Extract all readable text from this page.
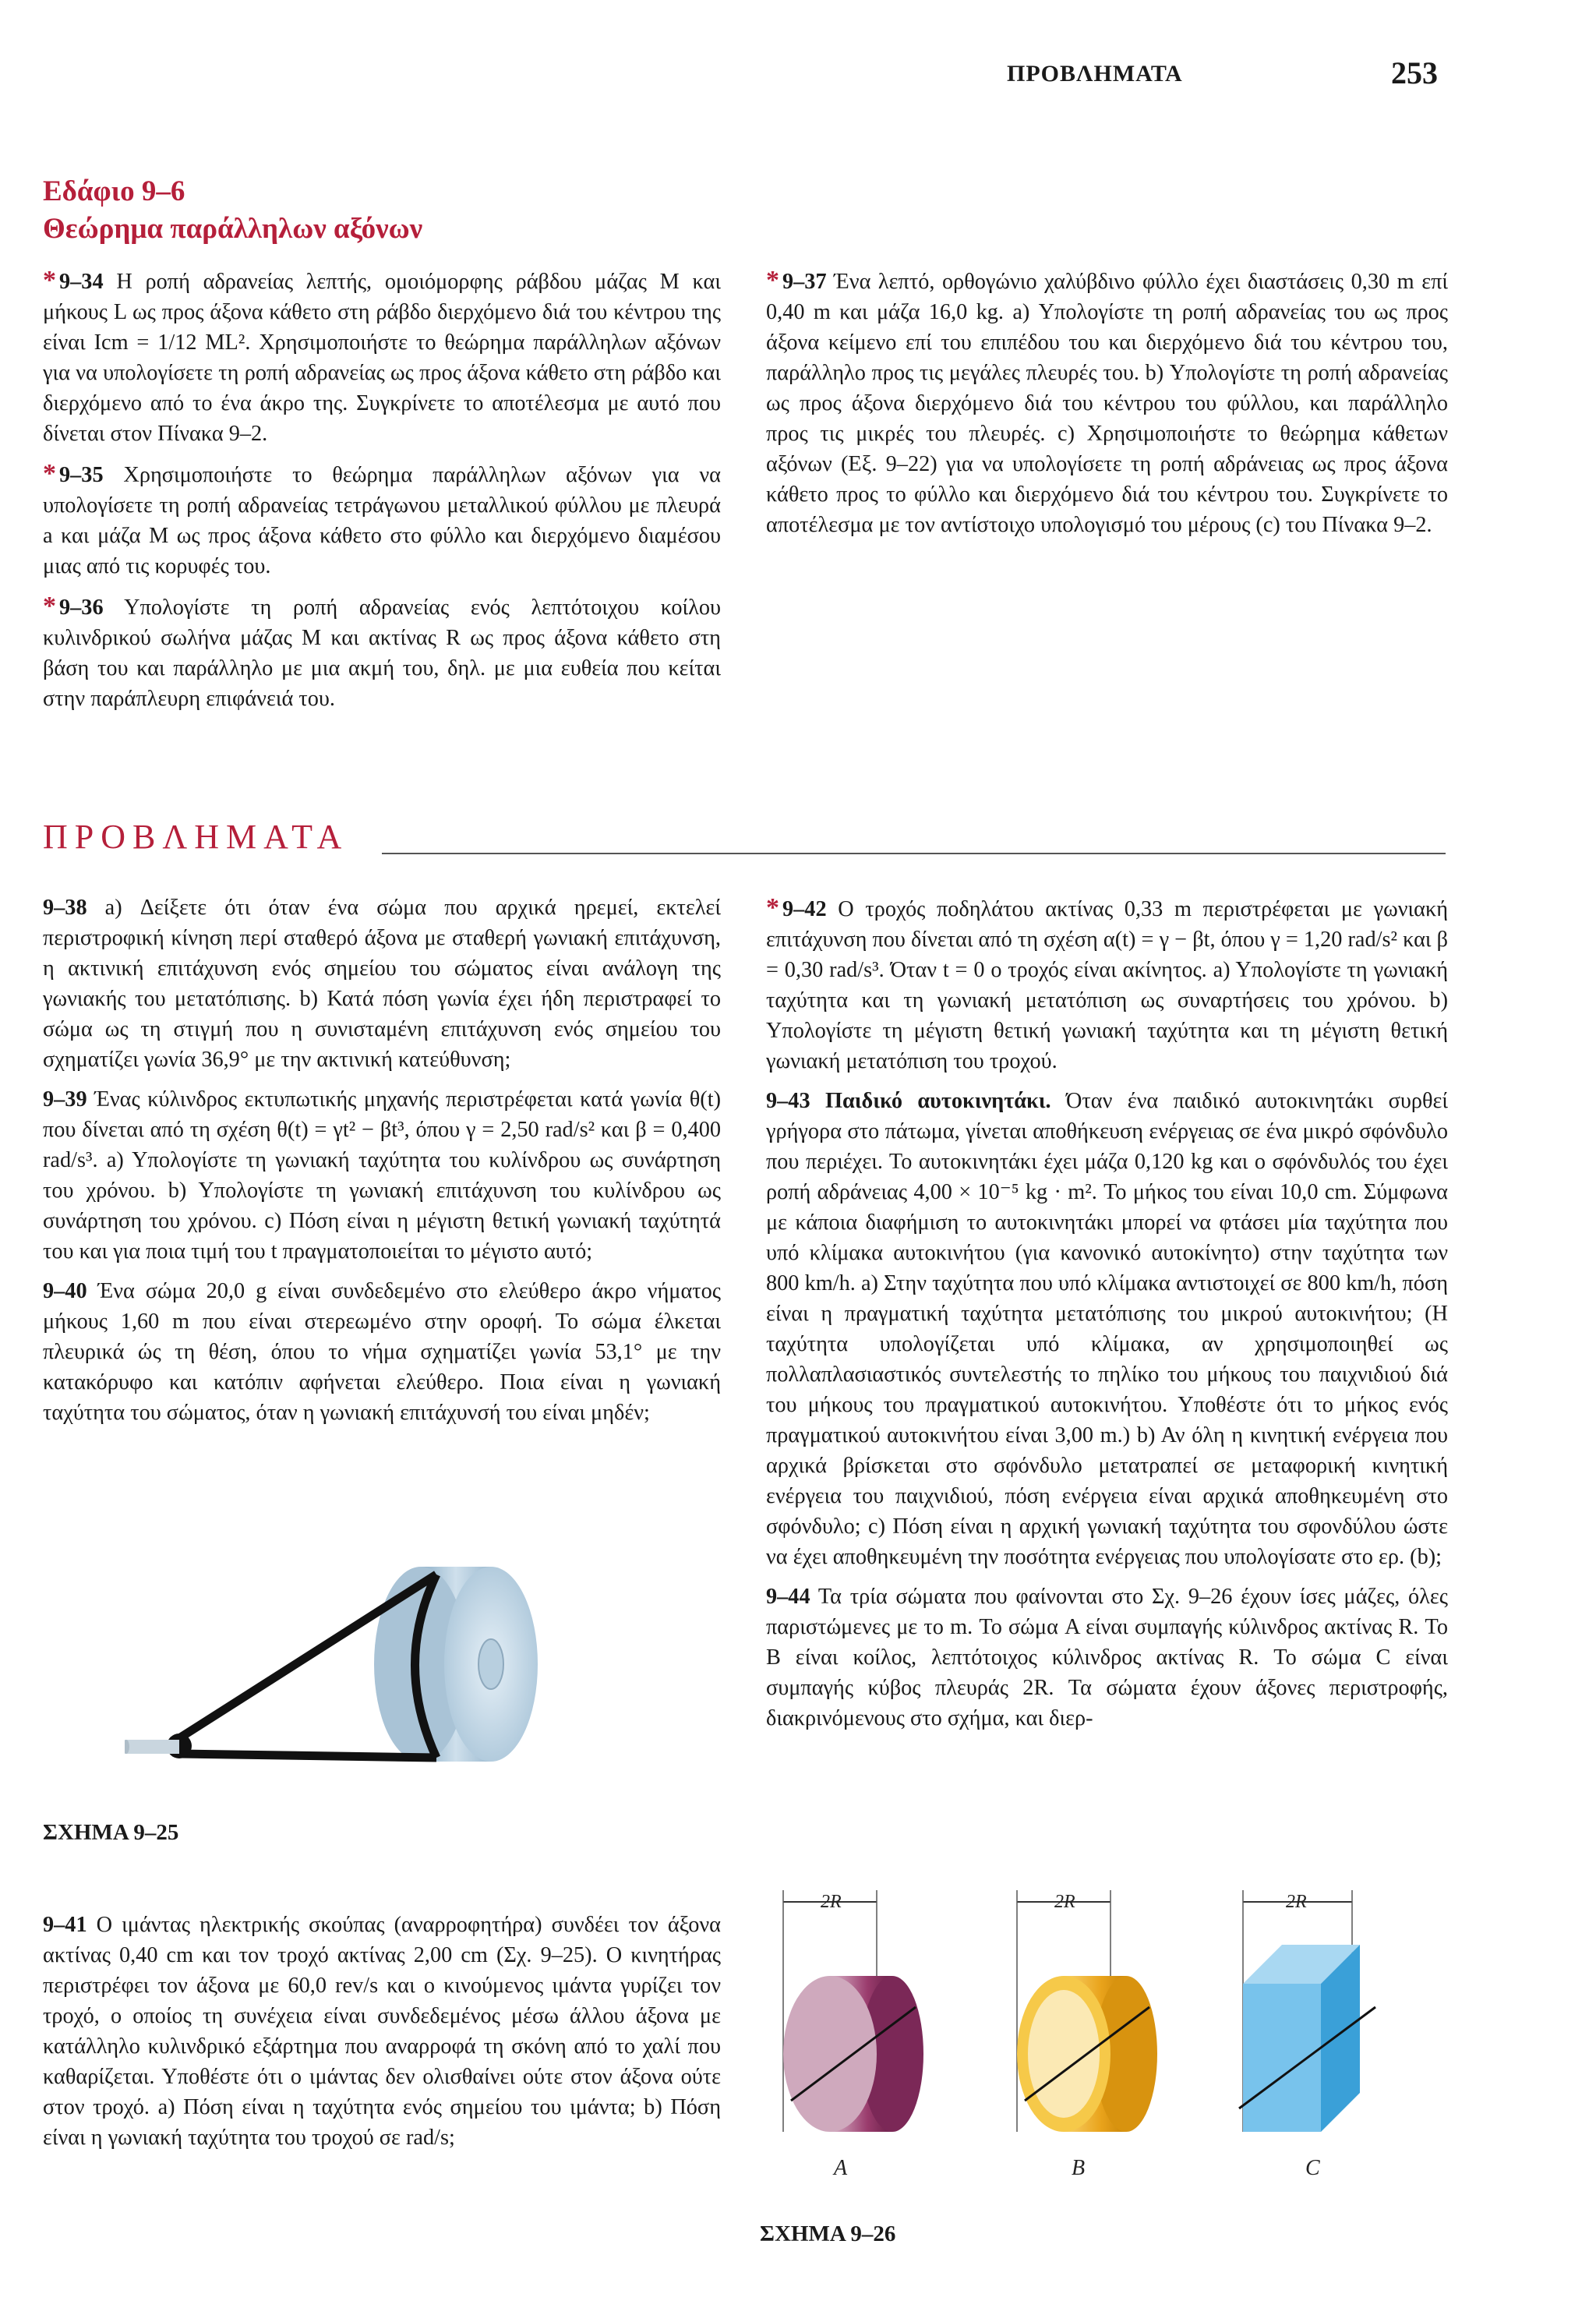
ΠΡΟΒΛΗΜΑΤΑ	253
Εδάφιο 9–6
Θεώρημα παράλληλων αξόνων

* 9–34 Η ροπή αδρανείας λεπτής, ομοιόμορφης ράβδου μάζας M και μήκους L ως προς άξονα κάθετο στη ράβδο διερχόμενο διά του κέντρου της είναι Icm = 1/12 ML². Χρησιμοποιήστε το θεώρημα παράλληλων αξόνων για να υπολογίσετε τη ροπή αδρανείας ως προς άξονα κάθετο στη ράβδο και διερχόμενο από το ένα άκρο της. Συγκρίνετε το αποτέλεσμα με αυτό που δίνεται στον Πίνακα 9–2.

* 9–35 Χρησιμοποιήστε το θεώρημα παράλληλων αξόνων για να υπολογίσετε τη ροπή αδρανείας τετράγωνου μεταλλικού φύλλου με πλευρά a και μάζα M ως προς άξονα κάθετο στο φύλλο και διερχόμενο διαμέσου μιας από τις κορυφές του.

* 9–36 Υπολογίστε τη ροπή αδρανείας ενός λεπτότοιχου κοίλου κυλινδρικού σωλήνα μάζας M και ακτίνας R ως προς άξονα κάθετο στη βάση του και παράλληλο με μια ακμή του, δηλ. με μια ευθεία που κείται στην παράπλευρη επιφάνειά του.

* 9–37 Ένα λεπτό, ορθογώνιο χαλύβδινο φύλλο έχει διαστάσεις 0,30 m επί 0,40 m και μάζα 16,0 kg. a) Υπολογίστε τη ροπή αδρανείας του ως προς άξονα κείμενο επί του επιπέδου του και διερχόμενο διά του κέντρου του, παράλληλο προς τις μεγάλες πλευρές του. b) Υπολογίστε τη ροπή αδρανείας ως προς άξονα διερχόμενο διά του κέντρου του φύλλου, και παράλληλο προς τις μικρές του πλευρές. c) Χρησιμοποιήστε το θεώρημα κάθετων αξόνων (Εξ. 9–22) για να υπολογίσετε τη ροπή αδράνειας ως προς άξονα κάθετο προς το φύλλο και διερχόμενο διά του κέντρου του. Συγκρίνετε το αποτέλεσμα με τον αντίστοιχο υπολογισμό του μέρους (c) του Πίνακα 9–2.

ΠΡΟΒΛΗΜΑΤΑ

9–38 a) Δείξετε ότι όταν ένα σώμα που αρχικά ηρεμεί, εκτελεί περιστροφική κίνηση περί σταθερό άξονα με σταθερή γωνιακή επιτάχυνση, η ακτινική επιτάχυνση ενός σημείου του σώματος είναι ανάλογη της γωνιακής του μετατόπισης. b) Κατά πόση γωνία έχει ήδη περιστραφεί το σώμα ως τη στιγμή που η συνισταμένη επιτάχυνση ενός σημείου του σχηματίζει γωνία 36,9° με την ακτινική κατεύθυνση;

9–39 Ένας κύλινδρος εκτυπωτικής μηχανής περιστρέφεται κατά γωνία θ(t) που δίνεται από τη σχέση θ(t) = γt² − βt³, όπου γ = 2,50 rad/s² και β = 0,400 rad/s³. a) Υπολογίστε τη γωνιακή ταχύτητα του κυλίνδρου ως συνάρτηση του χρόνου. b) Υπολογίστε τη γωνιακή επιτάχυνση του κυλίνδρου ως συνάρτηση του χρόνου. c) Πόση είναι η μέγιστη θετική γωνιακή ταχύτητά του και για ποια τιμή του t πραγματοποιείται το μέγιστο αυτό;

9–40 Ένα σώμα 20,0 g είναι συνδεδεμένο στο ελεύθερο άκρο νήματος μήκους 1,60 m που είναι στερεωμένο στην οροφή. Το σώμα έλκεται πλευρικά ώς τη θέση, όπου το νήμα σχηματίζει γωνία 53,1° με την κατακόρυφο και κατόπιν αφήνεται ελεύθερο. Ποια είναι η γωνιακή ταχύτητα του σώματος, όταν η γωνιακή επιτάχυνσή του είναι μηδέν;

ΣΧΗΜΑ 9–25

9–41 Ο ιμάντας ηλεκτρικής σκούπας (αναρροφητήρα) συνδέει τον άξονα ακτίνας 0,40 cm και τον τροχό ακτίνας 2,00 cm (Σχ. 9–25). Ο κινητήρας περιστρέφει τον άξονα με 60,0 rev/s και ο κινούμενος ιμάντα γυρίζει τον τροχό, ο οποίος τη συνέχεια είναι συνδεδεμένος μέσω άλλου άξονα με κατάλληλο κυλινδρικό εξάρτημα που αναρροφά τη σκόνη από το χαλί που καθαρίζεται. Υποθέστε ότι ο ιμάντας δεν ολισθαίνει ούτε στον άξονα ούτε στον τροχό. a) Πόση είναι η ταχύτητα ενός σημείου του ιμάντα; b) Πόση είναι η γωνιακή ταχύτητα του τροχού σε rad/s;

* 9–42 Ο τροχός ποδηλάτου ακτίνας 0,33 m περιστρέφεται με γωνιακή επιτάχυνση που δίνεται από τη σχέση α(t) = γ − βt, όπου γ = 1,20 rad/s² και β = 0,30 rad/s³. Όταν t = 0 ο τροχός είναι ακίνητος. a) Υπολογίστε τη γωνιακή ταχύτητα και τη γωνιακή μετατόπιση ως συναρτήσεις του χρόνου. b) Υπολογίστε τη μέγιστη θετική γωνιακή ταχύτητα και τη μέγιστη θετική γωνιακή μετατόπιση του τροχού.

9–43 Παιδικό αυτοκινητάκι. Όταν ένα παιδικό αυτοκινητάκι συρθεί γρήγορα στο πάτωμα, γίνεται αποθήκευση ενέργειας σε ένα μικρό σφόνδυλο που περιέχει. Το αυτοκινητάκι έχει μάζα 0,120 kg και ο σφόνδυλός του έχει ροπή αδράνειας 4,00 × 10⁻⁵ kg · m². Το μήκος του είναι 10,0 cm. Σύμφωνα με κάποια διαφήμιση το αυτοκινητάκι μπορεί να φτάσει μία ταχύτητα που υπό κλίμακα αυτοκινήτου (για κανονικό αυτοκίνητο) στην ταχύτητα των 800 km/h. a) Στην ταχύτητα που υπό κλίμακα αντιστοιχεί σε 800 km/h, πόση είναι η πραγματική ταχύτητα μετατόπισης του μικρού αυτοκινήτου; (Η ταχύτητα υπολογίζεται υπό κλίμακα, αν χρησιμοποιηθεί ως πολλαπλασιαστικός συντελεστής το πηλίκο του μήκους του παιχνιδιού διά του μήκους του πραγματικού αυτοκινήτου. Υποθέστε ότι το μήκος ενός πραγματικού αυτοκινήτου είναι 3,00 m.) b) Αν όλη η κινητική ενέργεια που αρχικά βρίσκεται στο σφόνδυλο μετατραπεί σε μεταφορική κινητική ενέργεια του παιχνιδιού, πόση ενέργεια είναι αρχικά αποθηκευμένη στο σφόνδυλο; c) Πόση είναι η αρχική γωνιακή ταχύτητα του σφονδύλου ώστε να έχει αποθηκευμένη την ποσότητα ενέργειας που υπολογίσατε στο ερ. (b);

9–44 Τα τρία σώματα που φαίνονται στο Σχ. 9–26 έχουν ίσες μάζες, όλες παριστώμενες με το m. Το σώμα A είναι συμπαγής κύλινδρος ακτίνας R. Το B είναι κοίλος, λεπτότοιχος κύλινδρος ακτίνας R. Το σώμα C είναι συμπαγής κύβος πλευράς 2R. Τα σώματα έχουν άξονες περιστροφής, διακρινόμενους στο σχήμα, και διερ-

2R	2R	2R
A	B	C
ΣΧΗΜΑ 9–26
